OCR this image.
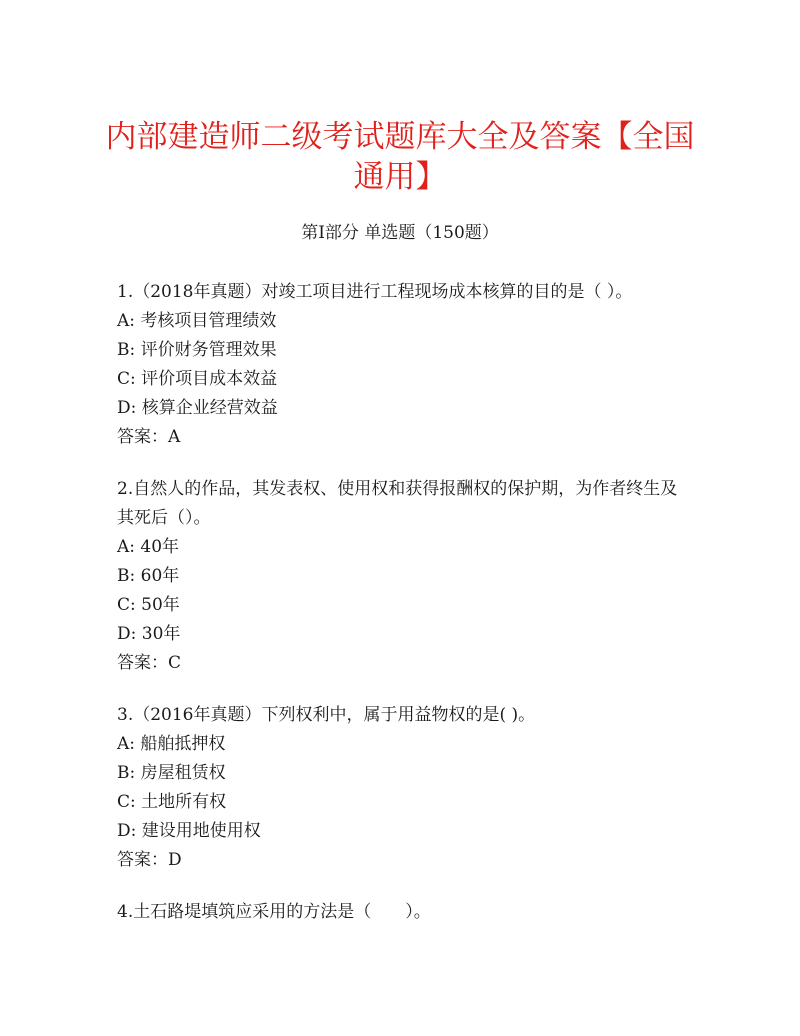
内部建造师二级考试题库大全及答案【全国通用】
第Ⅰ部分 单选题（150题）
1.（2018年真题）对竣工项目进行工程现场成本核算的目的是（ ）。
A: 考核项目管理绩效
B: 评价财务管理效果
C: 评价项目成本效益
D: 核算企业经营效益
答案：A
2.自然人的作品，其发表权、使用权和获得报酬权的保护期，为作者终生及其死后（）。
A: 40年
B: 60年
C: 50年
D: 30年
答案：C
3.（2016年真题）下列权利中，属于用益物权的是( )。
A: 船舶抵押权
B: 房屋租赁权
C: 土地所有权
D: 建设用地使用权
答案：D
4.土石路堤填筑应采用的方法是（　　）。
